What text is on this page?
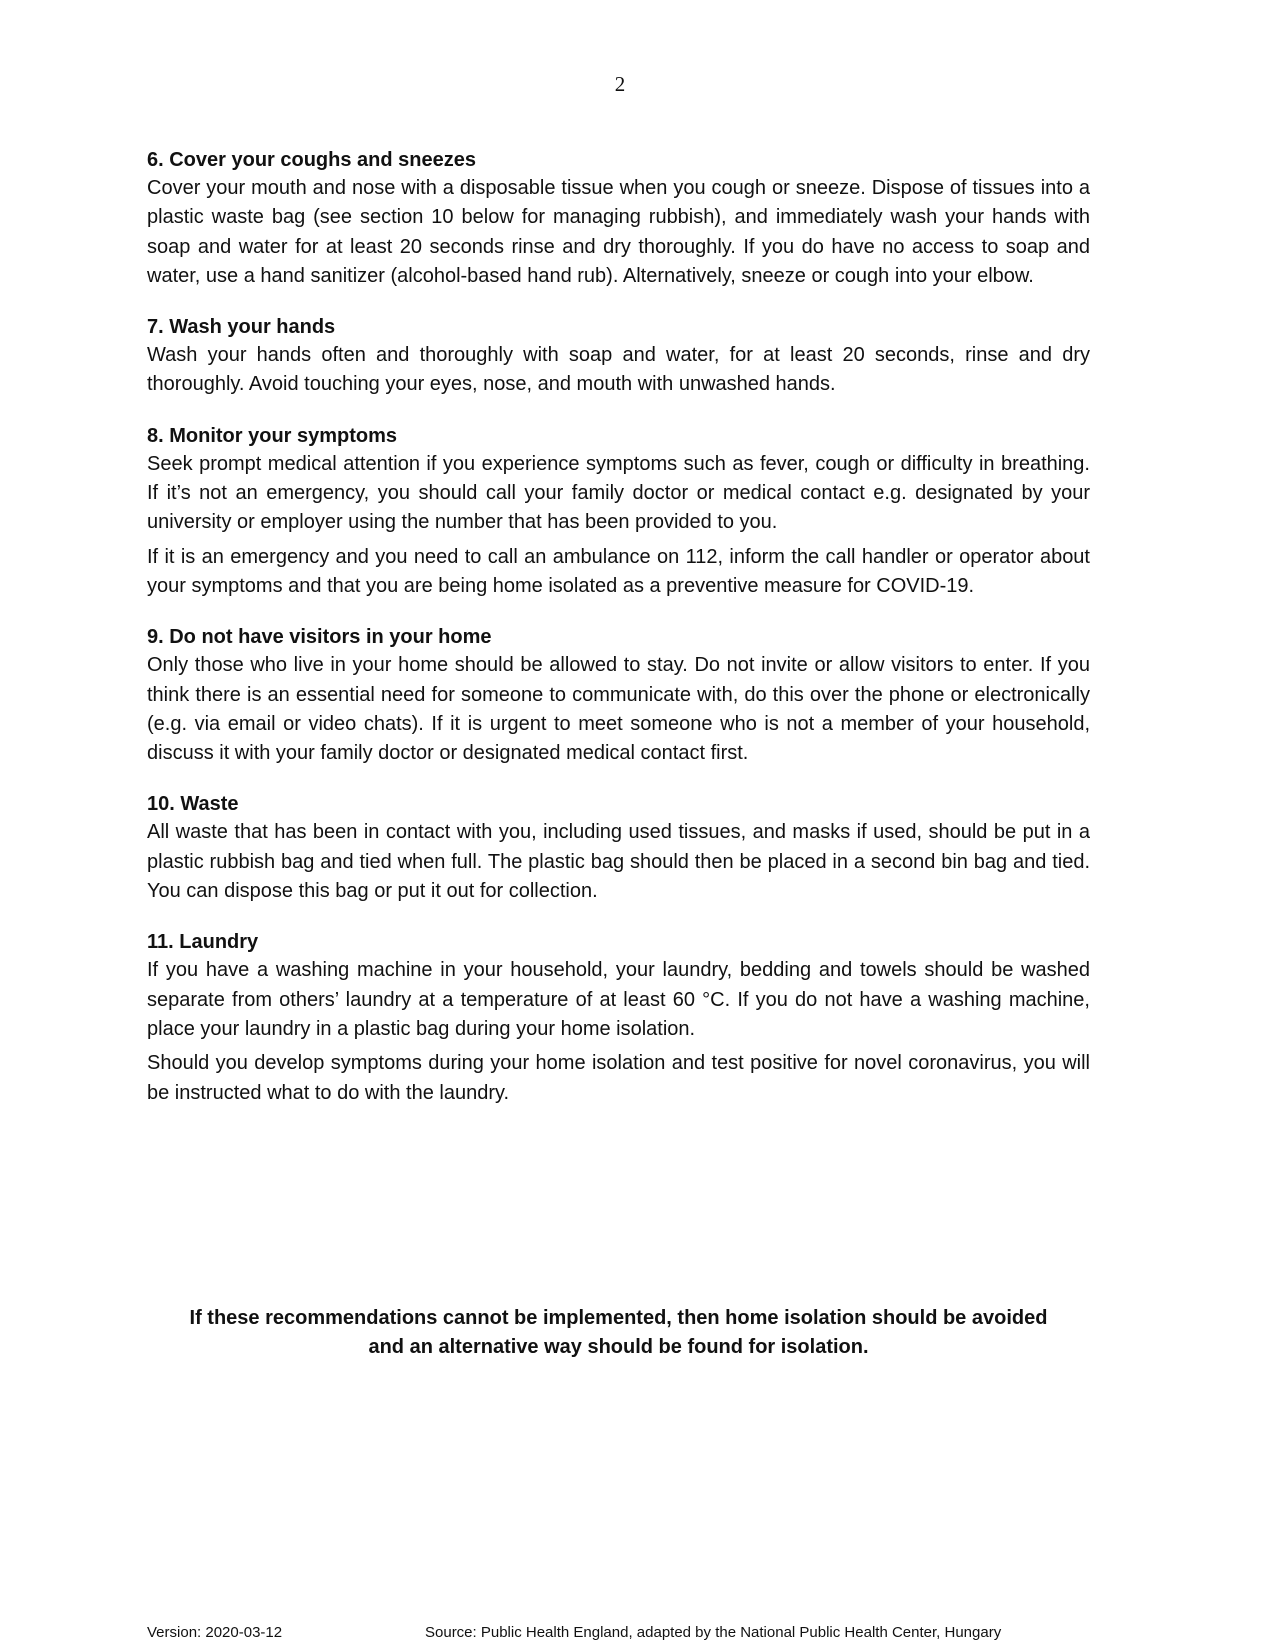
2

6. Cover your coughs and sneezes

Cover your mouth and nose with a disposable tissue when you cough or sneeze. Dispose of tissues into a plastic waste bag (see section 10 below for managing rubbish), and immediately wash your hands with soap and water for at least 20 seconds rinse and dry thoroughly. If you do have no access to soap and water, use a hand sanitizer (alcohol-based hand rub). Alternatively, sneeze or cough into your elbow.

7. Wash your hands

Wash your hands often and thoroughly with soap and water, for at least 20 seconds, rinse and dry thoroughly. Avoid touching your eyes, nose, and mouth with unwashed hands.

8. Monitor your symptoms

Seek prompt medical attention if you experience symptoms such as fever, cough or difficulty in breathing. If it’s not an emergency, you should call your family doctor or medical contact e.g. designated by your university or employer using the number that has been provided to you.

If it is an emergency and you need to call an ambulance on 112, inform the call handler or operator about your symptoms and that you are being home isolated as a preventive measure for COVID-19.

9. Do not have visitors in your home

Only those who live in your home should be allowed to stay. Do not invite or allow visitors to enter. If you think there is an essential need for someone to communicate with, do this over the phone or electronically (e.g. via email or video chats). If it is urgent to meet someone who is not a member of your household, discuss it with your family doctor or designated medical contact first.

10. Waste

All waste that has been in contact with you, including used tissues, and masks if used, should be put in a plastic rubbish bag and tied when full. The plastic bag should then be placed in a second bin bag and tied. You can dispose this bag or put it out for collection.

11. Laundry

If you have a washing machine in your household, your laundry, bedding and towels should be washed separate from others’ laundry at a temperature of at least 60 °C. If you do not have a washing machine, place your laundry in a plastic bag during your home isolation.

Should you develop symptoms during your home isolation and test positive for novel coronavirus, you will be instructed what to do with the laundry.

If these recommendations cannot be implemented, then home isolation should be avoided
and an alternative way should be found for isolation.
Version: 2020-03-12	Source: Public Health England, adapted by the National Public Health Center, Hungary
